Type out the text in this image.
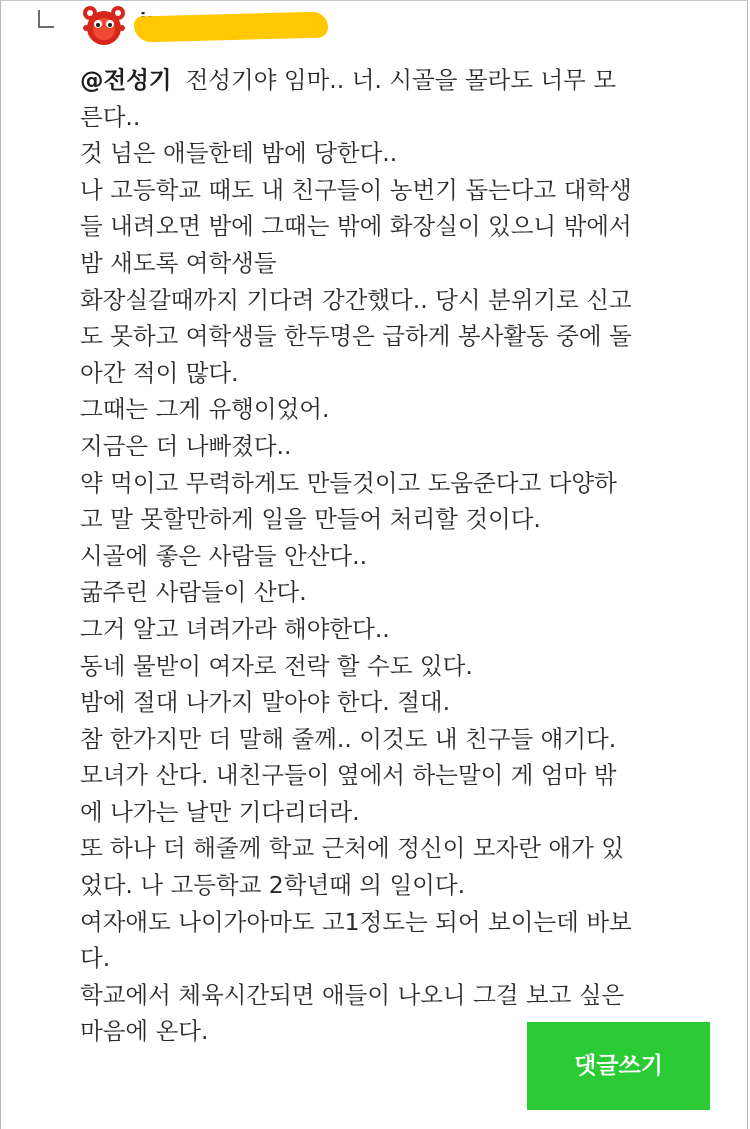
@전성기 전성기야 임마.. 너. 시골을 몰라도 너무 모
른다..
것 넘은 애들한테 밤에 당한다..
나 고등학교 때도 내 친구들이 농번기 돕는다고 대학생
들 내려오면 밤에 그때는 밖에 화장실이 있으니 밖에서
밤 새도록 여학생들
화장실갈때까지 기다려 강간했다.. 당시 분위기로 신고
도 못하고 여학생들 한두명은 급하게 봉사활동 중에 돌
아간 적이 많다.
그때는 그게 유행이었어.
지금은 더 나빠졌다..
약 먹이고 무력하게도 만들것이고 도움준다고 다양하
고 말 못할만하게 일을 만들어 처리할 것이다.
시골에 좋은 사람들 안산다..
굶주린 사람들이 산다.
그거 알고 녀려가라 해야한다..
동네 물받이 여자로 전락 할 수도 있다.
밤에 절대 나가지 말아야 한다. 절대.
참 한가지만 더 말해 줄께.. 이것도 내 친구들 얘기다.
모녀가 산다. 내친구들이 옆에서 하는말이 게 엄마 밖
에 나가는 날만 기다리더라.
또 하나 더 해줄께 학교 근처에 정신이 모자란 애가 있
었다. 나 고등학교 2학년때 의 일이다.
여자애도 나이가아마도 고1정도는 되어 보이는데 바보
다.
학교에서 체육시간되면 애들이 나오니 그걸 보고 싶은
마음에 온다.
댓글쓰기
